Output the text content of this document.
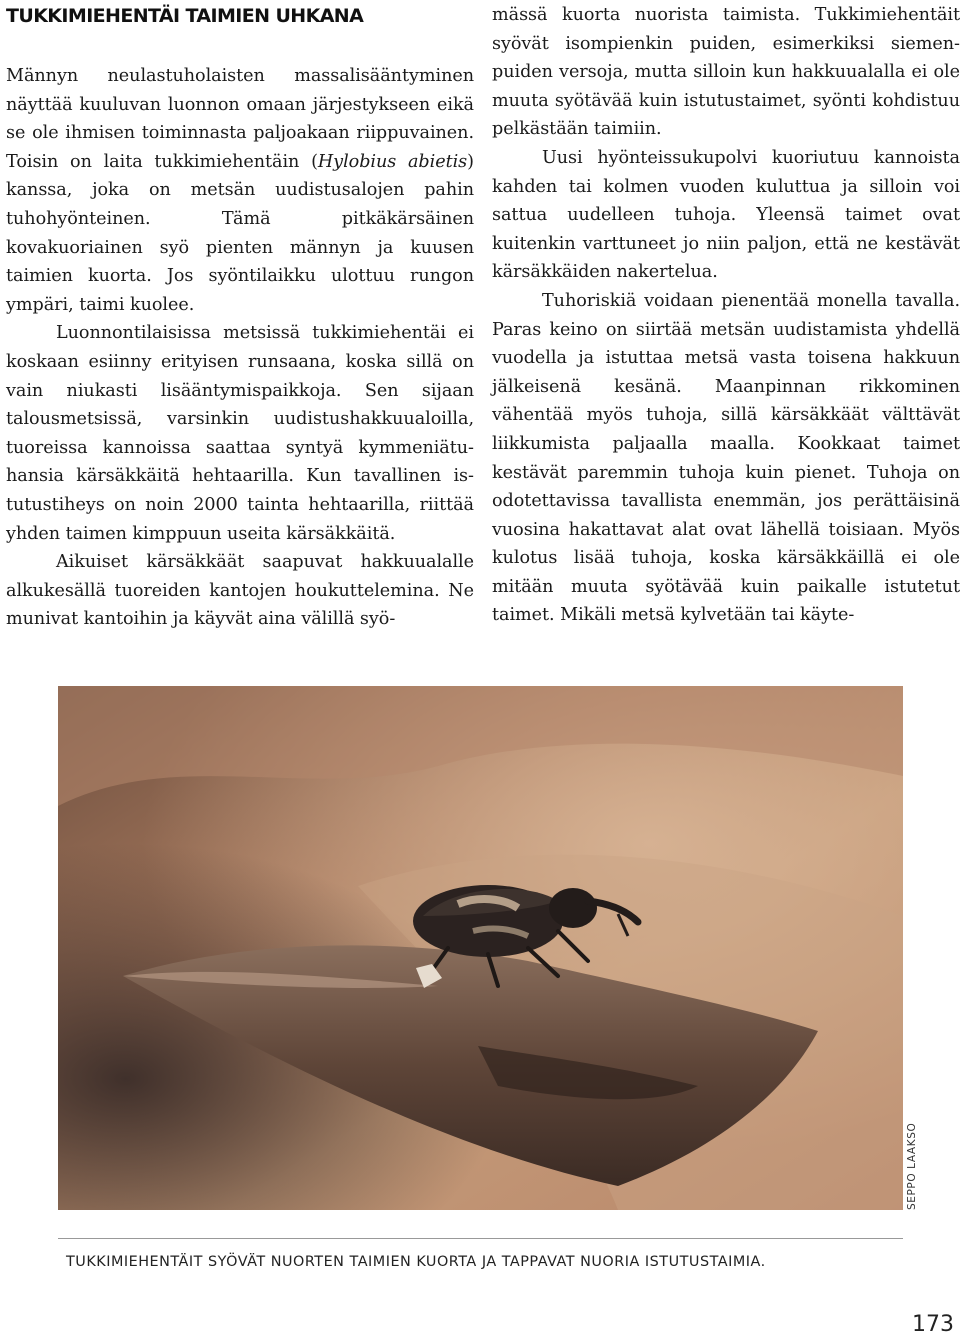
TUKKIMIEHENTÄI TAIMIEN UHKANA

Männyn neulastuholaisten massalisääntyminen näyttää kuuluvan luonnon omaan järjestykseen eikä se ole ihmisen toiminnasta paljoakaan riippuvainen. Toisin on laita tukkimiehentäin (Hylobius abietis) kanssa, joka on metsän uudistusalojen pahin tuhohyönteinen. Tämä pitkäkärsäinen kovakuoriainen syö pienten männyn ja kuusen taimien kuorta. Jos syöntilaikku ulottuu rungon ympäri, taimi kuolee.

Luonnontilaisissa metsissä tukkimiehentäi ei koskaan esiinny erityisen runsaana, koska sillä on vain niukasti lisääntymispaikkoja. Sen sijaan talousmetsissä, varsinkin uudistushakkuualoilla, tuoreissa kannoissa saattaa syntyä kymmeniätuhansia kärsäkkäitä hehtaarilla. Kun tavallinen istutustiheys on noin 2000 tainta hehtaarilla, riittää yhden taimen kimppuun useita kärsäkkäitä.

Aikuiset kärsäkkäät saapuvat hakkuualalle alkukesällä tuoreiden kantojen houkuttelemina. Ne munivat kantoihin ja käyvät aina välillä syö-

mässä kuorta nuorista taimista. Tukkimiehentäit syövät isompienkin puiden, esimerkiksi siemenpuiden versoja, mutta silloin kun hakkuualalla ei ole muuta syötävää kuin istutustaimet, syönti kohdistuu pelkästään taimiin.

Uusi hyönteissukupolvi kuoriutuu kannoista kahden tai kolmen vuoden kuluttua ja silloin voi sattua uudelleen tuhoja. Yleensä taimet ovat kuitenkin varttuneet jo niin paljon, että ne kestävät kärsäkkäiden nakertelua.

Tuhoriskiä voidaan pienentää monella tavalla. Paras keino on siirtää metsän uudistamista yhdellä vuodella ja istuttaa metsä vasta toisena hakkuun jälkeisenä kesänä. Maanpinnan rikkominen vähentää myös tuhoja, sillä kärsäkkäät välttävät liikkumista paljaalla maalla. Kookkaat taimet kestävät paremmin tuhoja kuin pienet. Tuhoja on odotettavissa tavallista enemmän, jos perättäisinä vuosina hakattavat alat ovat lähellä toisiaan. Myös kulotus lisää tuhoja, koska kärsäkkäillä ei ole mitään muuta syötävää kuin paikalle istutetut taimet. Mikäli metsä kylvetään tai käyte-

SEPPO LAAKSO
TUKKIMIEHENTÄIT SYÖVÄT NUORTEN TAIMIEN KUORTA JA TAPPAVAT NUORIA ISTUTUSTAIMIA.
173
